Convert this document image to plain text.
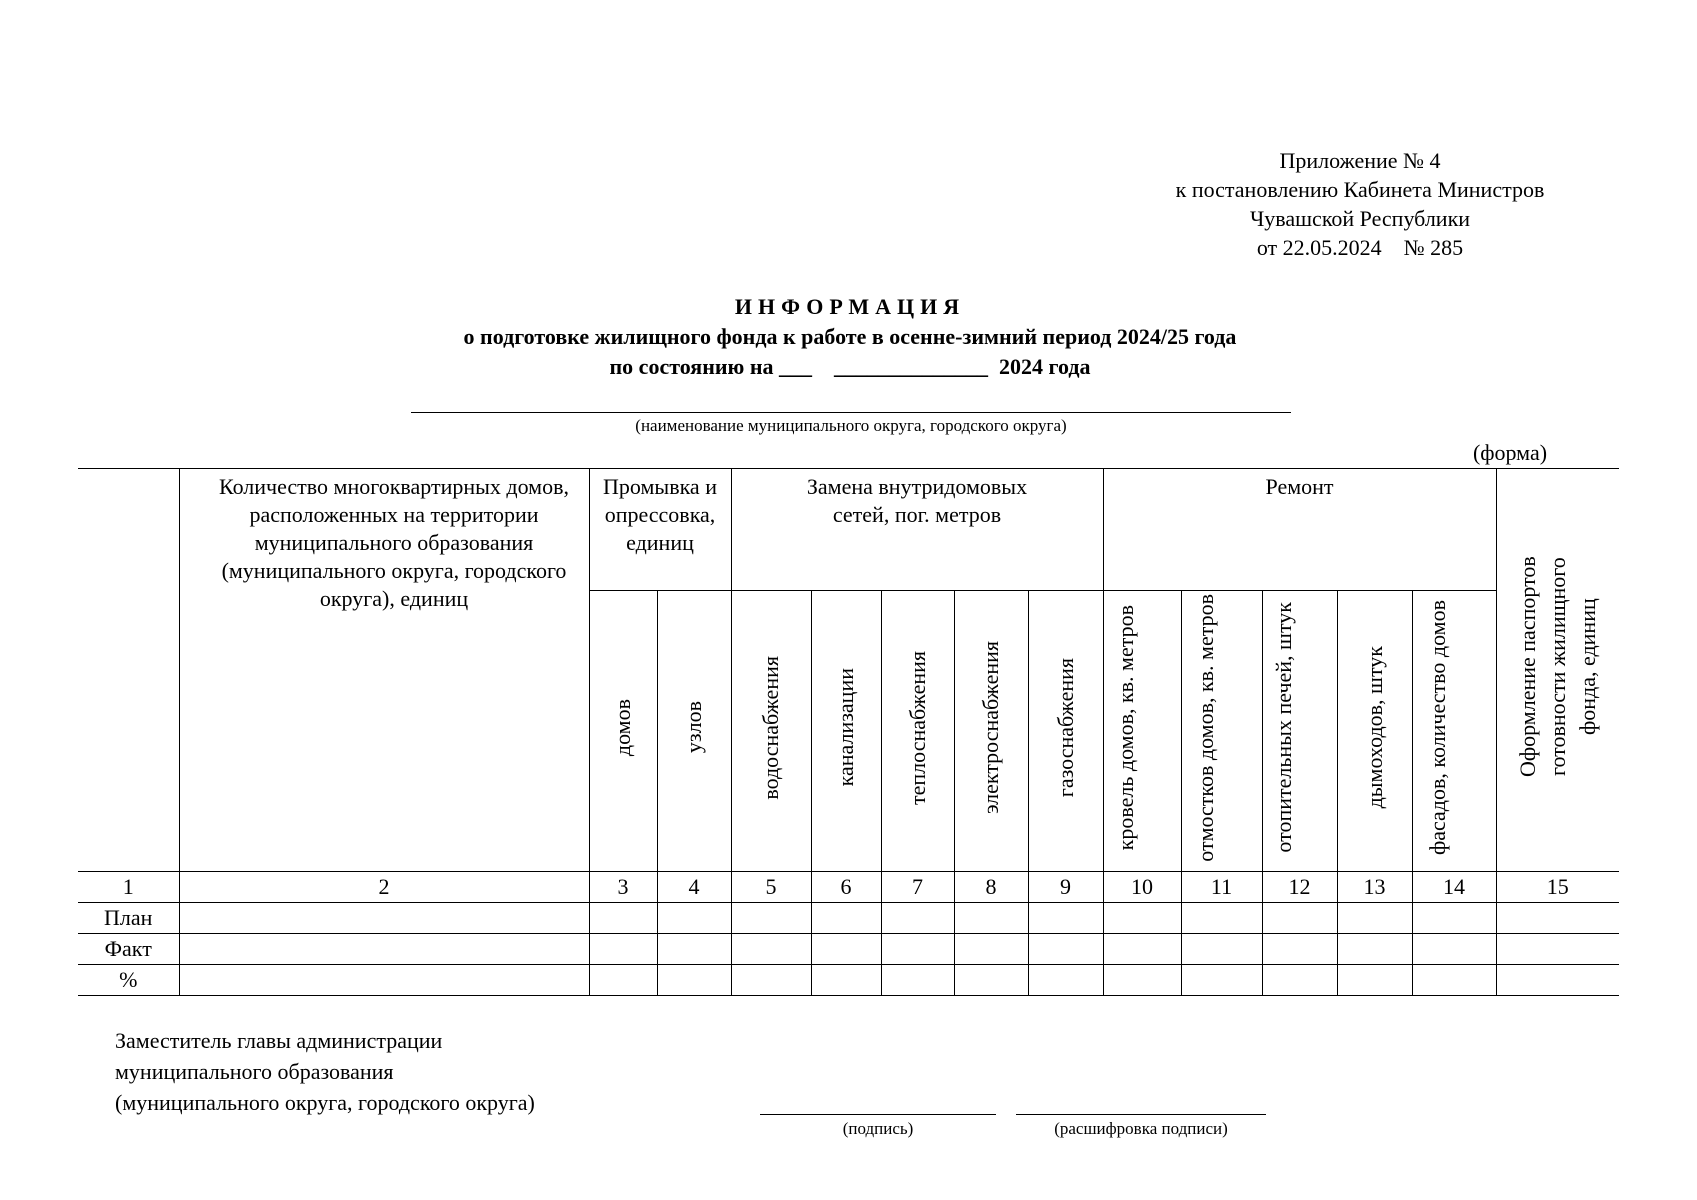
Приложение № 4
к постановлению Кабинета Министров
Чувашской Республики
от 22.05.2024    № 285
ИНФОРМАЦИЯ
о подготовке жилищного фонда к работе в осенне-зимний период 2024/25 года
по состоянию на ___    ______________  2024 года
(наименование муниципального округа, городского округа)
(форма)
	Количество многоквартирных домов, расположенных на территории муниципального образования (муниципального округа, городского округа), единиц	Промывка и опрессовка, единиц		Замена внутридомовых сетей, пог. метров					Ремонт					Оформление паспортов готовности жилищного фонда, единиц
		домов	узлов	водоснабжения	канализации	теплоснабжения	электроснабжения	газоснабжения	кровель домов, кв. метров	отмостков домов, кв. метров	отопительных печей, штук	дымоходов, штук	фасадов, количество домов	
1	2	3	4	5	6	7	8	9	10	11	12	13	14	15
План														
Факт														
%														
Заместитель главы администрации
муниципального образования
(муниципального округа, городского округа)
(подпись)	(расшифровка подписи)
